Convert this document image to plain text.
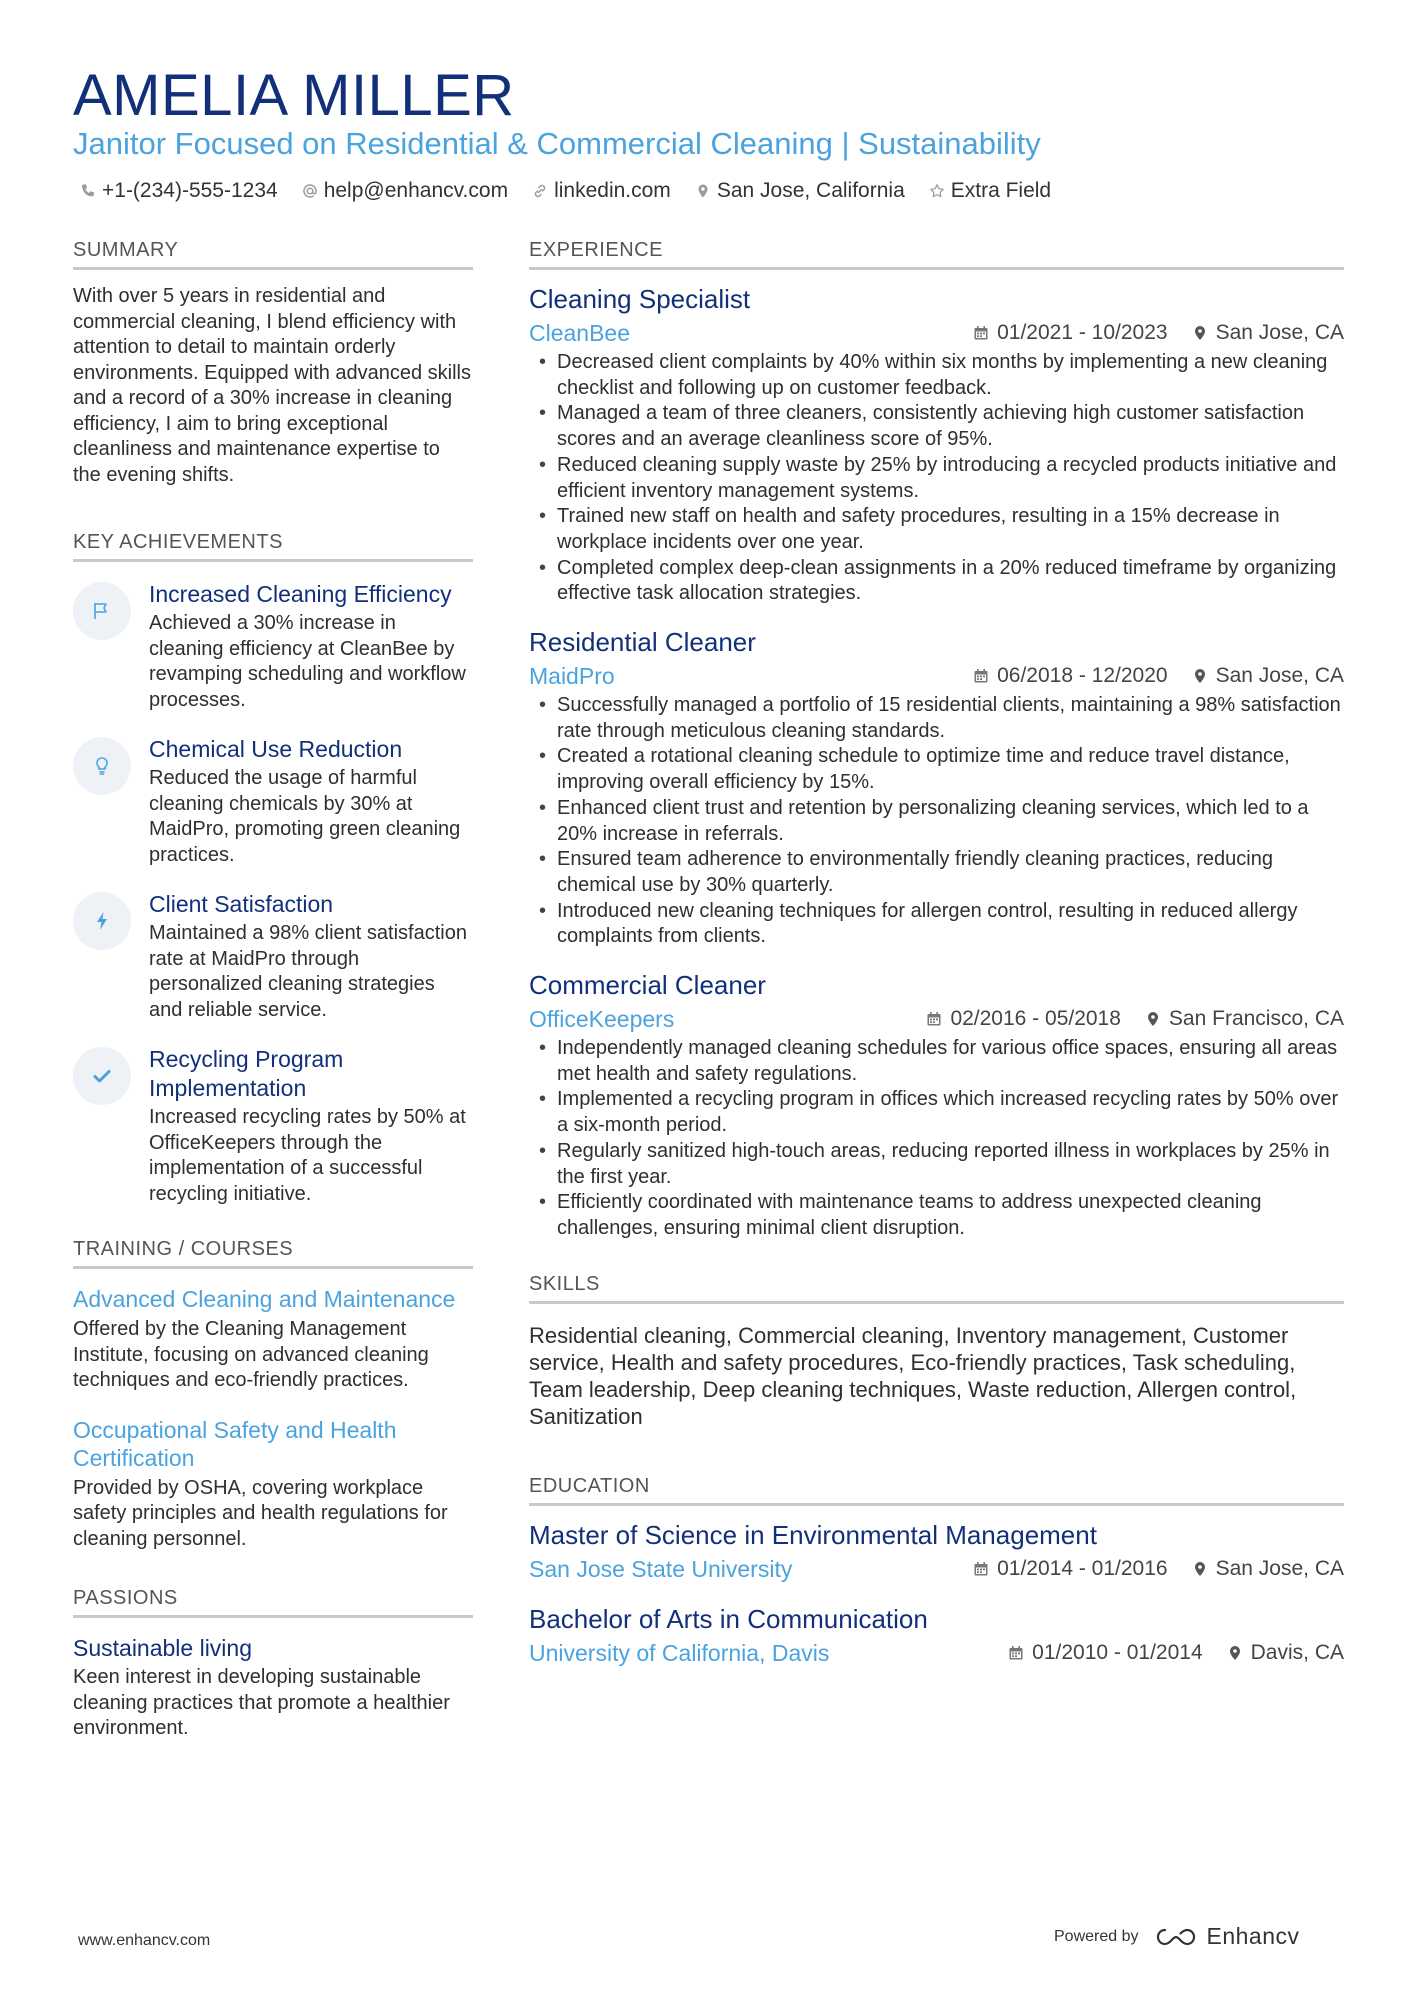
AMELIA MILLER
Janitor Focused on Residential & Commercial Cleaning | Sustainability
+1-(234)-555-1234 help@enhancv.com linkedin.com San Jose, California Extra Field
SUMMARY

With over 5 years in residential and commercial cleaning, I blend efficiency with attention to detail to maintain orderly environments. Equipped with advanced skills and a record of a 30% increase in cleaning efficiency, I aim to bring exceptional cleanliness and maintenance expertise to the evening shifts.

KEY ACHIEVEMENTS
Increased Cleaning Efficiency

Achieved a 30% increase in cleaning efficiency at CleanBee by revamping scheduling and workflow processes.

Chemical Use Reduction

Reduced the usage of harmful cleaning chemicals by 30% at MaidPro, promoting green cleaning practices.

Client Satisfaction

Maintained a 98% client satisfaction rate at MaidPro through personalized cleaning strategies and reliable service.

Recycling Program Implementation

Increased recycling rates by 50% at OfficeKeepers through the implementation of a successful recycling initiative.

TRAINING / COURSES
Advanced Cleaning and Maintenance

Offered by the Cleaning Management Institute, focusing on advanced cleaning techniques and eco-friendly practices.

Occupational Safety and Health Certification

Provided by OSHA, covering workplace safety principles and health regulations for cleaning personnel.

PASSIONS
Sustainable living

Keen interest in developing sustainable cleaning practices that promote a healthier environment.

EXPERIENCE
Cleaning Specialist
CleanBee	01/2021 - 10/2023 San Jose, CA
• Decreased client complaints by 40% within six months by implementing a new cleaning checklist and following up on customer feedback.
• Managed a team of three cleaners, consistently achieving high customer satisfaction scores and an average cleanliness score of 95%.
• Reduced cleaning supply waste by 25% by introducing a recycled products initiative and efficient inventory management systems.
• Trained new staff on health and safety procedures, resulting in a 15% decrease in workplace incidents over one year.
• Completed complex deep-clean assignments in a 20% reduced timeframe by organizing effective task allocation strategies.
Residential Cleaner
MaidPro	06/2018 - 12/2020 San Jose, CA
• Successfully managed a portfolio of 15 residential clients, maintaining a 98% satisfaction rate through meticulous cleaning standards.
• Created a rotational cleaning schedule to optimize time and reduce travel distance, improving overall efficiency by 15%.
• Enhanced client trust and retention by personalizing cleaning services, which led to a 20% increase in referrals.
• Ensured team adherence to environmentally friendly cleaning practices, reducing chemical use by 30% quarterly.
• Introduced new cleaning techniques for allergen control, resulting in reduced allergy complaints from clients.
Commercial Cleaner
OfficeKeepers	02/2016 - 05/2018 San Francisco, CA
• Independently managed cleaning schedules for various office spaces, ensuring all areas met health and safety regulations.
• Implemented a recycling program in offices which increased recycling rates by 50% over a six-month period.
• Regularly sanitized high-touch areas, reducing reported illness in workplaces by 25% in the first year.
• Efficiently coordinated with maintenance teams to address unexpected cleaning challenges, ensuring minimal client disruption.
SKILLS

Residential cleaning, Commercial cleaning, Inventory management, Customer service, Health and safety procedures, Eco-friendly practices, Task scheduling, Team leadership, Deep cleaning techniques, Waste reduction, Allergen control, Sanitization

EDUCATION
Master of Science in Environmental Management
San Jose State University	01/2014 - 01/2016 San Jose, CA
Bachelor of Arts in Communication
University of California, Davis	01/2010 - 01/2014 Davis, CA
www.enhancv.com	Powered by	Enhancv
